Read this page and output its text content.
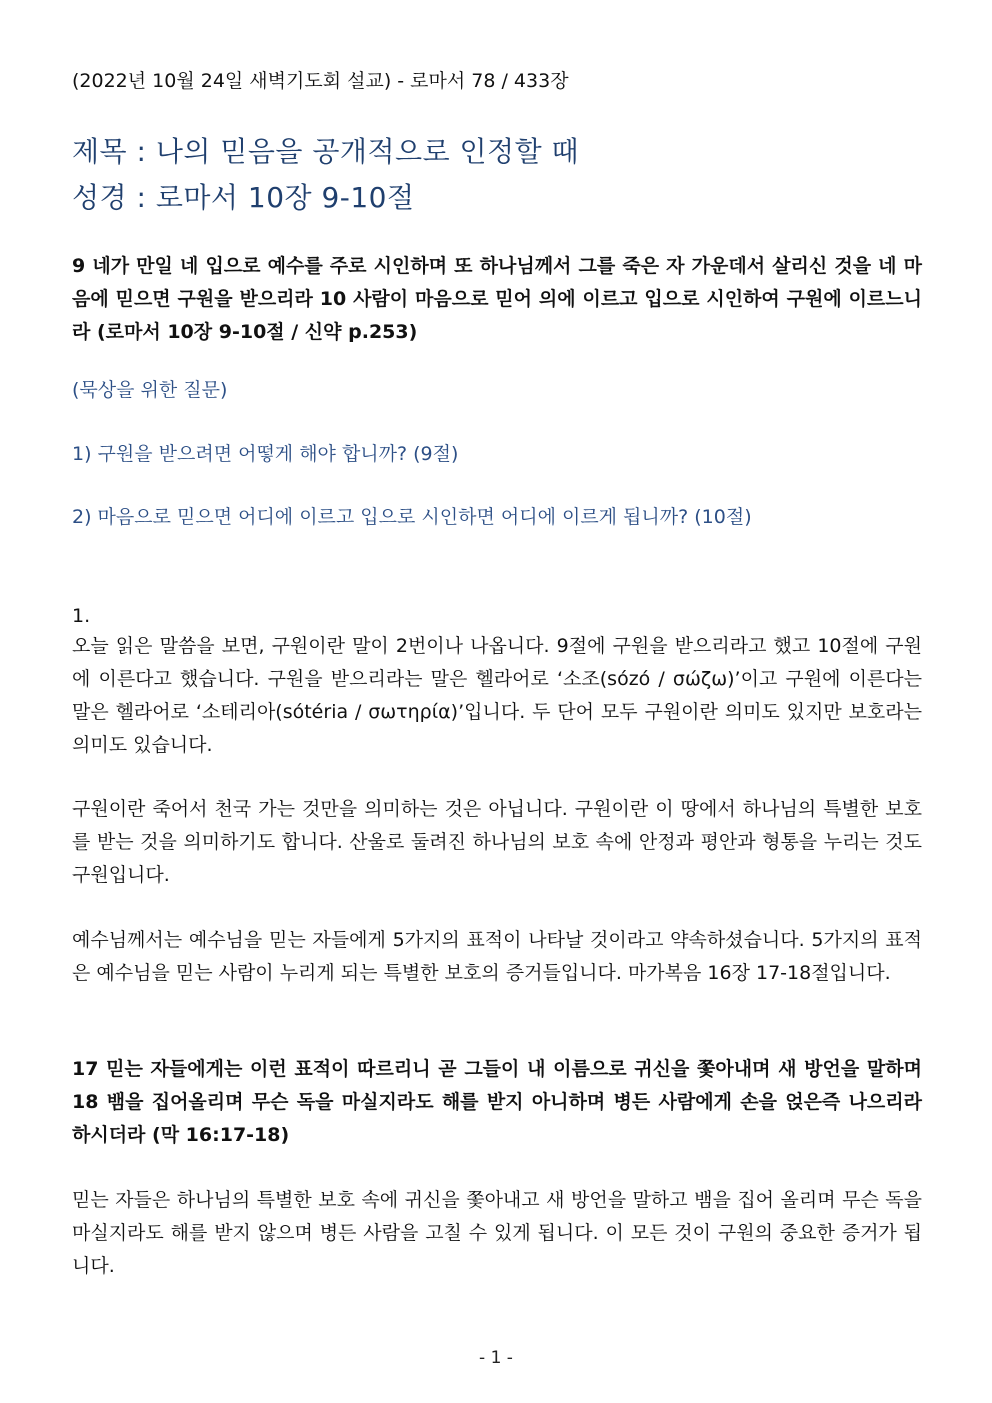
(2022년 10월 24일 새벽기도회 설교) - 로마서 78 / 433장
제목 : 나의 믿음을 공개적으로 인정할 때
성경 : 로마서 10장 9-10절
9 네가 만일 네 입으로 예수를 주로 시인하며 또 하나님께서 그를 죽은 자 가운데서 살리신 것을 네 마음에 믿으면 구원을 받으리라 10 사람이 마음으로 믿어 의에 이르고 입으로 시인하여 구원에 이르느니라 (로마서 10장 9-10절 / 신약 p.253)
(묵상을 위한 질문)
1) 구원을 받으려면 어떻게 해야 합니까? (9절)
2) 마음으로 믿으면 어디에 이르고 입으로 시인하면 어디에 이르게 됩니까? (10절)
1.
오늘 읽은 말씀을 보면, 구원이란 말이 2번이나 나옵니다. 9절에 구원을 받으리라고 했고 10절에 구원에 이른다고 했습니다. 구원을 받으리라는 말은 헬라어로 ‘소조(sózó / σώζω)’이고 구원에 이른다는 말은 헬라어로 ‘소테리아(sótéria / σωτηρία)’입니다. 두 단어 모두 구원이란 의미도 있지만 보호라는 의미도 있습니다.
구원이란 죽어서 천국 가는 것만을 의미하는 것은 아닙니다. 구원이란 이 땅에서 하나님의 특별한 보호를 받는 것을 의미하기도 합니다. 산울로 둘려진 하나님의 보호 속에 안정과 평안과 형통을 누리는 것도 구원입니다.
예수님께서는 예수님을 믿는 자들에게 5가지의 표적이 나타날 것이라고 약속하셨습니다. 5가지의 표적은 예수님을 믿는 사람이 누리게 되는 특별한 보호의 증거들입니다. 마가복음 16장 17-18절입니다.
17 믿는 자들에게는 이런 표적이 따르리니 곧 그들이 내 이름으로 귀신을 쫓아내며 새 방언을 말하며 18 뱀을 집어올리며 무슨 독을 마실지라도 해를 받지 아니하며 병든 사람에게 손을 얹은즉 나으리라 하시더라 (막 16:17-18)
믿는 자들은 하나님의 특별한 보호 속에 귀신을 쫓아내고 새 방언을 말하고 뱀을 집어 올리며 무슨 독을 마실지라도 해를 받지 않으며 병든 사람을 고칠 수 있게 됩니다. 이 모든 것이 구원의 중요한 증거가 됩니다.
- 1 -
